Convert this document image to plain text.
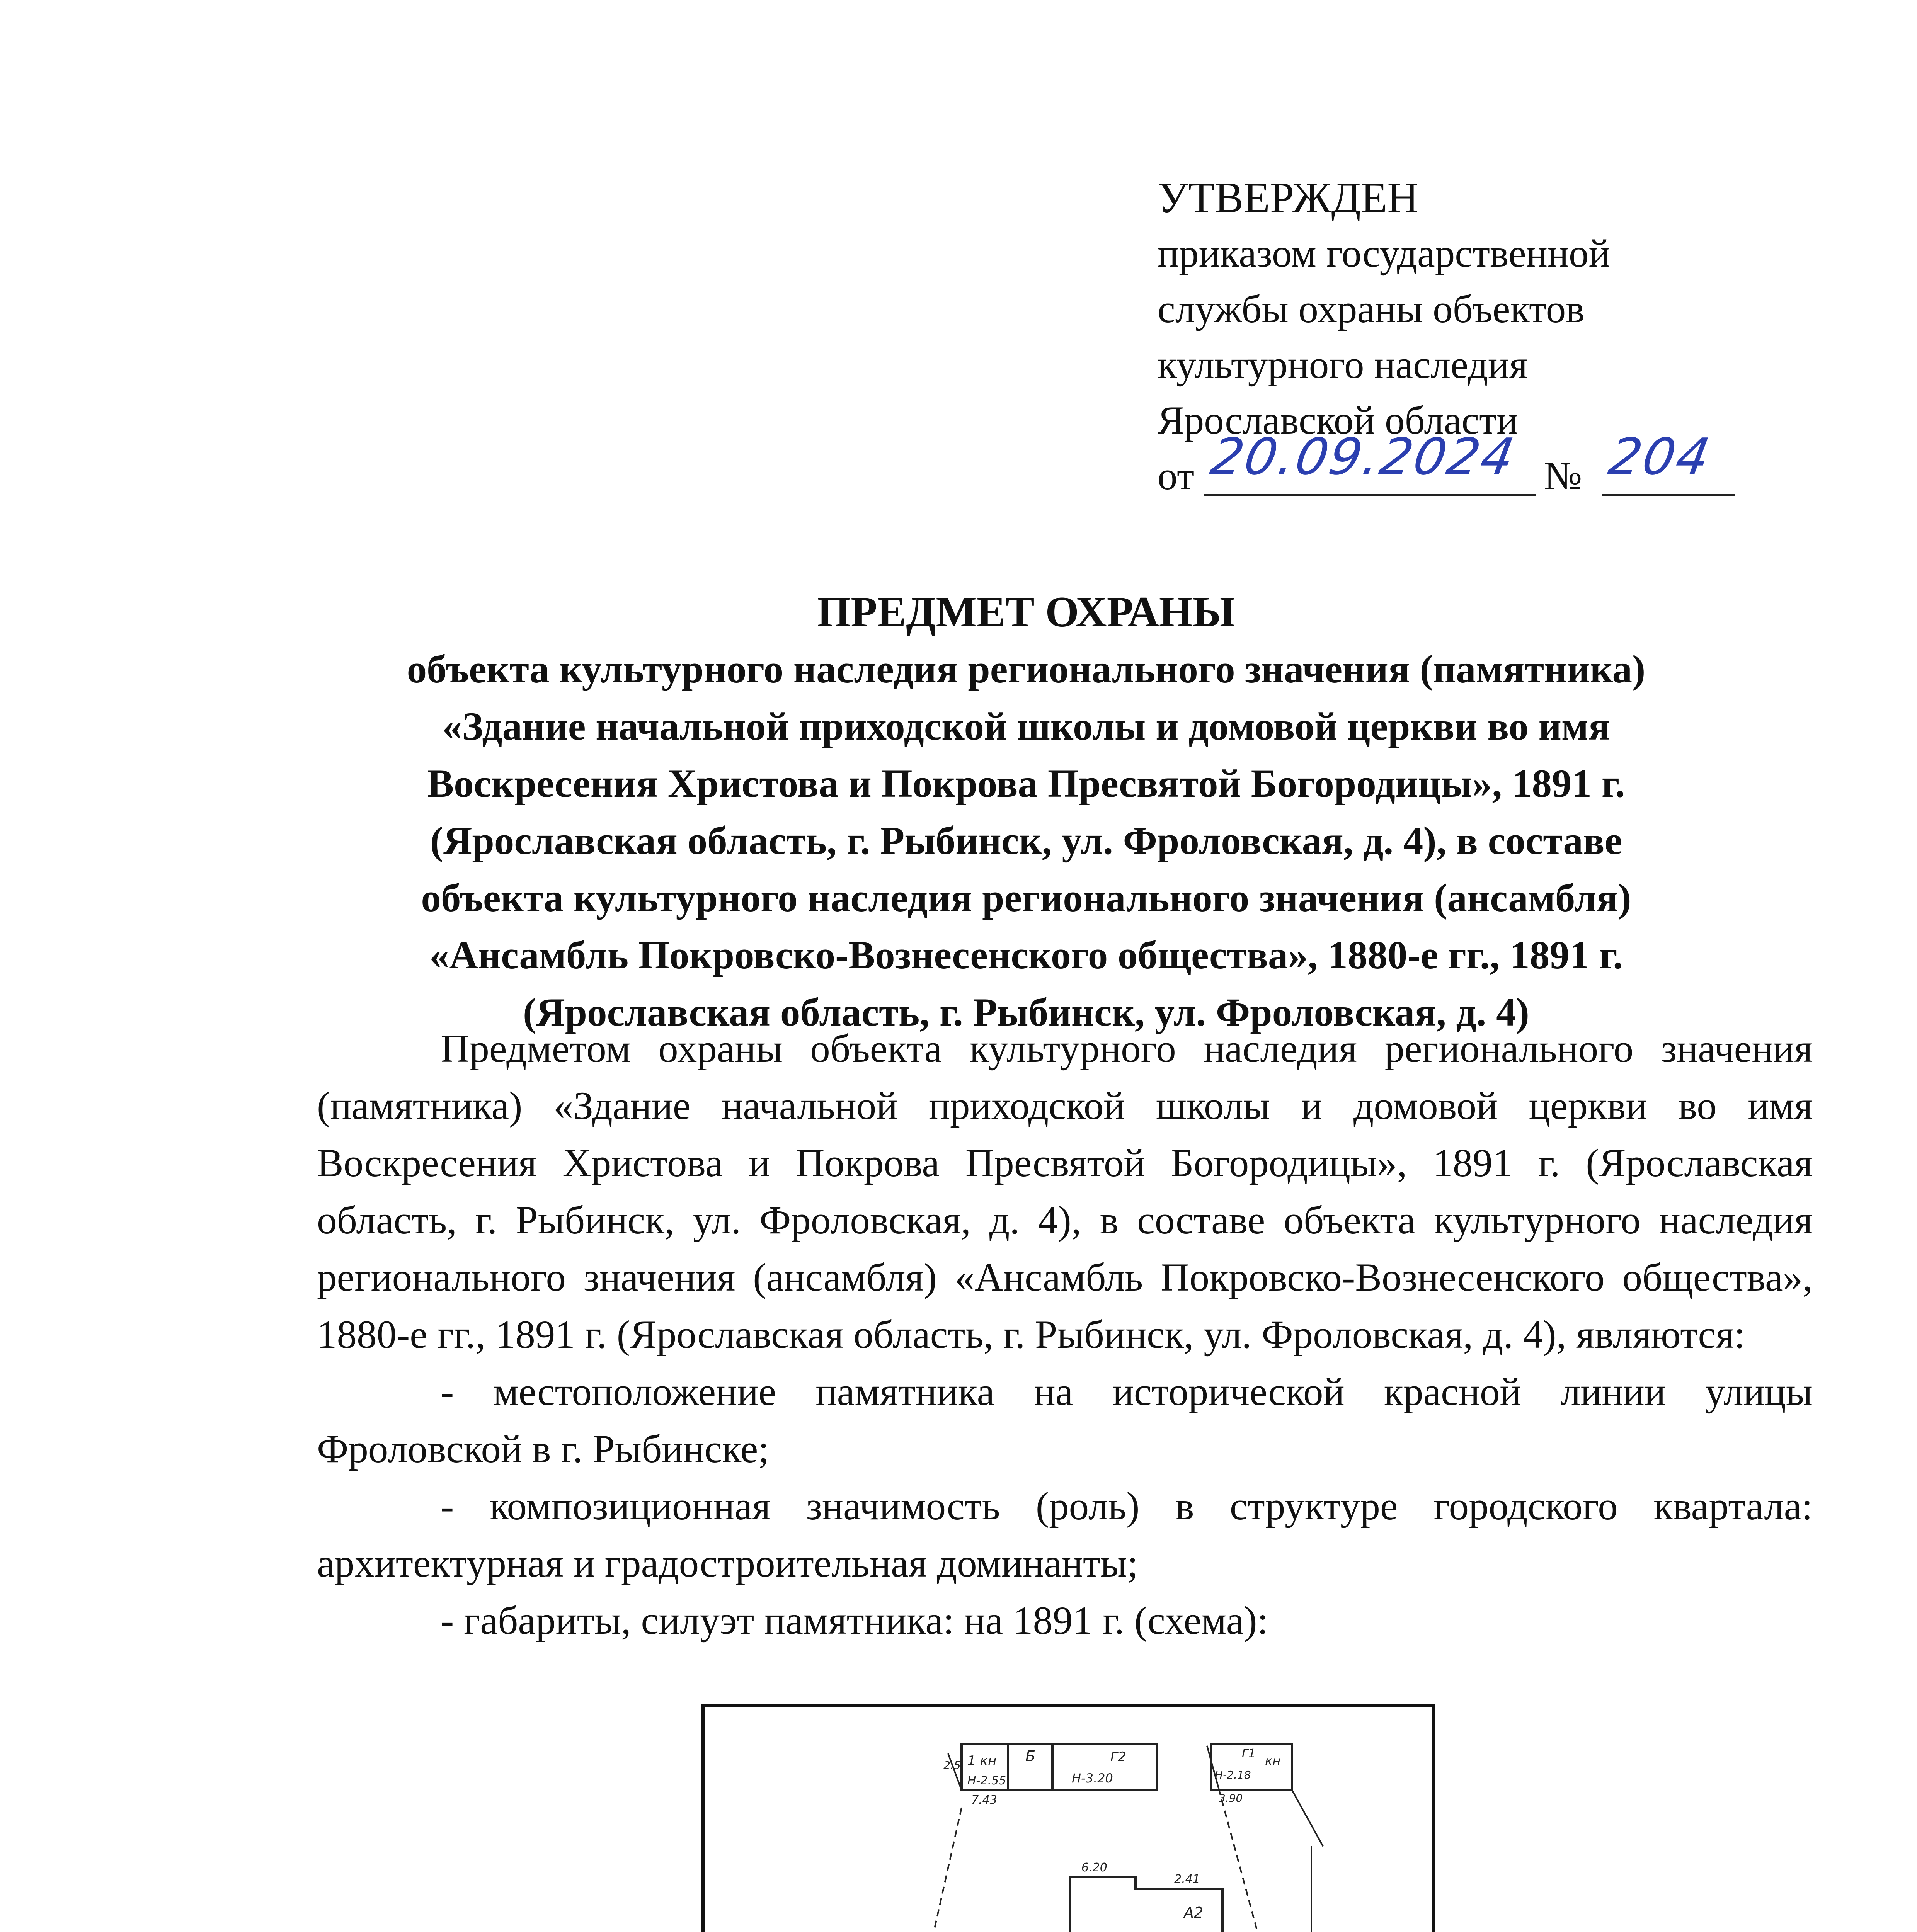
УТВЕРЖДЕН
приказом государственной
службы охраны объектов
культурного наследия
Ярославской области
от 20.09.2024 № 204
ПРЕДМЕТ ОХРАНЫ
объекта культурного наследия регионального значения (памятника)
«Здание начальной приходской школы и домовой церкви во имя
Воскресения Христова и Покрова Пресвятой Богородицы», 1891 г.
(Ярославская область, г. Рыбинск, ул. Фроловская, д. 4), в составе
объекта культурного наследия регионального значения (ансамбля)
«Ансамбль Покровско-Вознесенского общества», 1880-е гг., 1891 г.
(Ярославская область, г. Рыбинск, ул. Фроловская, д. 4)

Предметом охраны объекта культурного наследия регионального значения (памятника) «Здание начальной приходской школы и домовой церкви во имя Воскресения Христова и Покрова Пресвятой Богородицы», 1891 г. (Ярославская область, г. Рыбинск, ул. Фроловская, д. 4), в составе объекта культурного наследия регионального значения (ансамбля) «Ансамбль Покровско-Вознесенского общества», 1880-е гг., 1891 г. (Ярославская область, г. Рыбинск, ул. Фроловская, д. 4), являются:

- местоположение памятника на исторической красной линии улицы Фроловской в г. Рыбинске;

- композиционная значимость (роль) в структуре городского квартала: архитектурная и градостроительная доминанты;

- габариты, силуэт памятника: на 1891 г. (схема):

1 кн Б
Н-2.55
7.43
Г2
Н-3.20
Г1
Н-2.18
кн
3.90
2.5
6.20
2.41
А2
